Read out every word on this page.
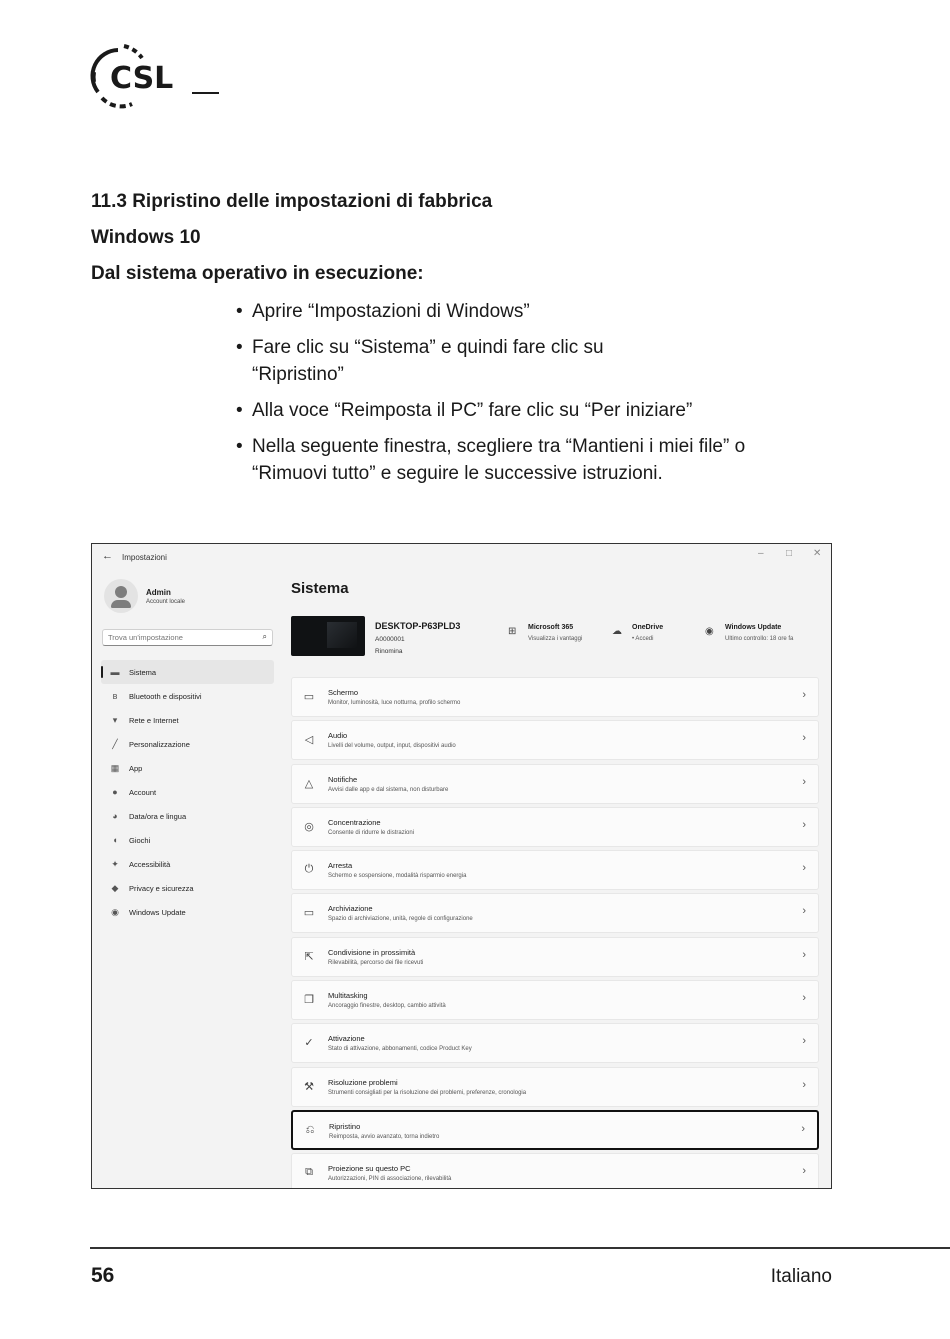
CSL
11.3 Ripristino delle impostazioni di fabbrica
Windows 10
Dal sistema operativo in esecuzione:
• Aprire “Impostazioni di Windows”
• Fare clic su “Sistema” e quindi fare clic su “Ripristino”
• Alla voce “Reimposta il PC” fare clic su “Per iniziare”
• Nella seguente finestra, scegliere tra “Mantieni i miei file” o “Rimuovi tutto” e seguire le successive istruzioni.
← Impostazioni	– □ ✕
Admin
Account locale
Trova un'impostazione
⌕
▬	Sistema
ʙ	Bluetooth e dispositivi
▾	Rete e Internet
╱	Personalizzazione
▦	App
●	Account
◕	Data/ora e lingua
◖	Giochi
✦	Accessibilità
◆	Privacy e sicurezza
◉	Windows Update
Sistema
DESKTOP-P63PLD3
A0000001
Rinomina
⊞ Microsoft 365
Visualizza i vantaggi
☁ OneDrive
• Accedi
◉ Windows Update
Ultimo controllo: 18 ore fa
▭ Schermo
Monitor, luminosità, luce notturna, profilo schermo
›
◁	Audio
Livelli del volume, output, input, dispositivi audio
›
△	Notifiche
Avvisi dalle app e dal sistema, non disturbare
›
◎ Concentrazione
Consente di ridurre le distrazioni
›
⏻	Arresta
Schermo e sospensione, modalità risparmio energia
›
▭ Archiviazione
Spazio di archiviazione, unità, regole di configurazione
›
⇱	Condivisione in prossimità
Rilevabilità, percorso dei file ricevuti
›
❐ Multitasking
Ancoraggio finestre, desktop, cambio attività
›
✓	Attivazione
Stato di attivazione, abbonamenti, codice Product Key
›
⚒ Risoluzione problemi
Strumenti consigliati per la risoluzione dei problemi, preferenze, cronologia
›
⎌	Ripristino
Reimposta, avvio avanzato, torna indietro
›
⧉	Proiezione su questo PC
Autorizzazioni, PIN di associazione, rilevabilità
›
56	Italiano
